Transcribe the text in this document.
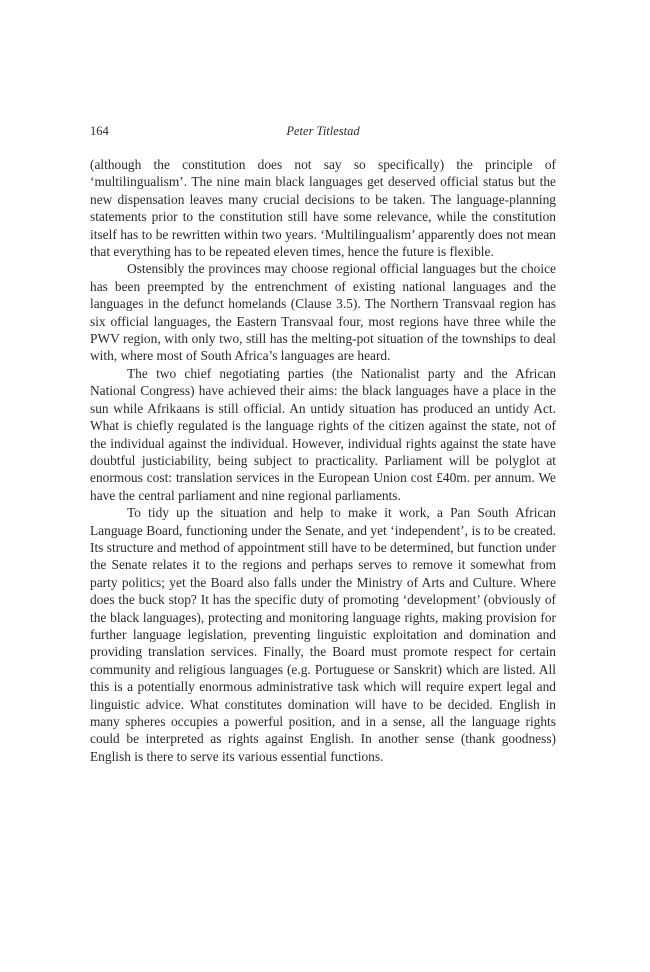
164	Peter Titlestad

(although the constitution does not say so specifically) the principle of ‘multilingualism’. The nine main black languages get deserved official status but the new dispensation leaves many crucial decisions to be taken. The language-planning statements prior to the constitution still have some relevance, while the constitution itself has to be rewritten within two years. ‘Multilingualism’ apparently does not mean that everything has to be repeated eleven times, hence the future is flexible.

Ostensibly the provinces may choose regional official languages but the choice has been preempted by the entrenchment of existing national languages and the languages in the defunct homelands (Clause 3.5). The Northern Transvaal region has six official languages, the Eastern Transvaal four, most regions have three while the PWV region, with only two, still has the melting-pot situation of the townships to deal with, where most of South Africa’s languages are heard.

The two chief negotiating parties (the Nationalist party and the African National Congress) have achieved their aims: the black languages have a place in the sun while Afrikaans is still official. An untidy situation has produced an untidy Act. What is chiefly regulated is the language rights of the citizen against the state, not of the individual against the individual. However, individual rights against the state have doubtful justiciability, being subject to practicality. Parliament will be polyglot at enormous cost: translation services in the European Union cost £40m. per annum. We have the central parliament and nine regional parliaments.

To tidy up the situation and help to make it work, a Pan South African Language Board, functioning under the Senate, and yet ‘independent’, is to be created. Its structure and method of appointment still have to be determined, but function under the Senate relates it to the regions and perhaps serves to remove it somewhat from party politics; yet the Board also falls under the Ministry of Arts and Culture. Where does the buck stop? It has the specific duty of promoting ‘development’ (obviously of the black languages), protecting and monitoring language rights, making provision for further language legislation, preventing linguistic exploitation and domination and providing translation services. Finally, the Board must promote respect for certain community and religious languages (e.g. Portuguese or Sanskrit) which are listed. All this is a potentially enormous administrative task which will require expert legal and linguistic advice. What constitutes domination will have to be decided. English in many spheres occupies a powerful position, and in a sense, all the language rights could be interpreted as rights against English. In another sense (thank goodness) English is there to serve its various essential functions.
